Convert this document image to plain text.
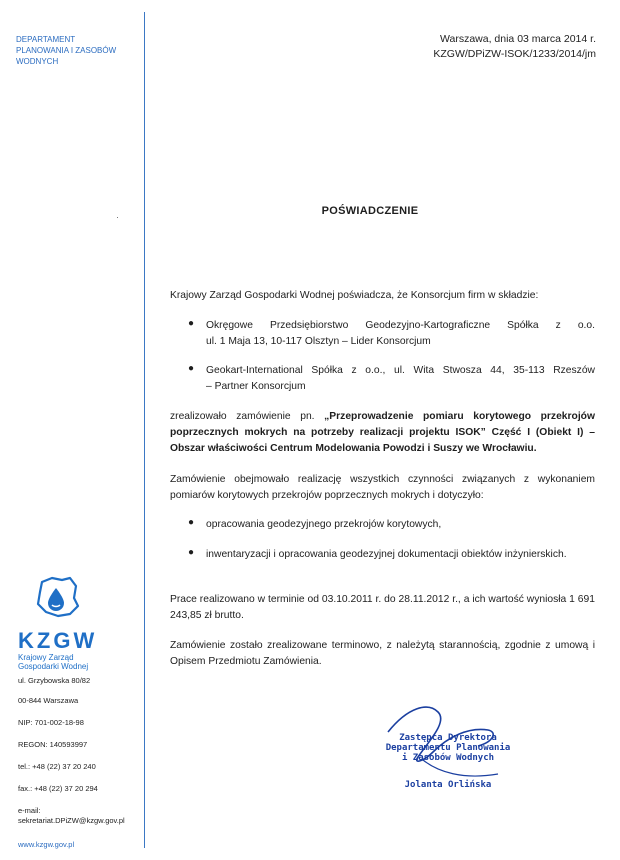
DEPARTAMENT
PLANOWANIA I ZASOBÓW
WODNYCH
KZGW
Krajowy Zarząd
Gospodarki Wodnej
ul. Grzybowska 80/82
00-844 Warszawa
NIP: 701-002-18-98
REGON: 140593997
tel.: +48 (22) 37 20 240
fax.: +48 (22) 37 20 294
e-mail:
sekretariat.DPiZW@kzgw.gov.pl
www.kzgw.gov.pl
Warszawa, dnia 03 marca 2014 r.
KZGW/DPiZW-ISOK/1233/2014/jm
POŚWIADCZENIE
Krajowy Zarząd Gospodarki Wodnej poświadcza, że Konsorcjum firm w składzie:
● Okręgowe Przedsiębiorstwo Geodezyjno-Kartograficzne Spółka z o.o.
ul. 1 Maja 13, 10-117 Olsztyn – Lider Konsorcjum
● Geokart-International Spółka z o.o., ul. Wita Stwosza 44, 35-113 Rzeszów
– Partner Konsorcjum
zrealizowało zamówienie pn. „Przeprowadzenie pomiaru korytowego przekrojów poprzecznych mokrych na potrzeby realizacji projektu ISOK” Część I (Obiekt I) – Obszar właściwości Centrum Modelowania Powodzi i Suszy we Wrocławiu.
Zamówienie obejmowało realizację wszystkich czynności związanych z wykonaniem pomiarów korytowych przekrojów poprzecznych mokrych i dotyczyło:
● opracowania geodezyjnego przekrojów korytowych,
● inwentaryzacji i opracowania geodezyjnej dokumentacji obiektów inżynierskich.
Prace realizowano w terminie od 03.10.2011 r. do 28.11.2012 r., a ich wartość wyniosła 1 691 243,85 zł brutto.
Zamówienie zostało zrealizowane terminowo, z należytą starannością, zgodnie z umową i Opisem Przedmiotu Zamówienia.
Zastępca Dyrektora
Departamentu Planowania
i Zasobów Wodnych
Jolanta Orlińska
